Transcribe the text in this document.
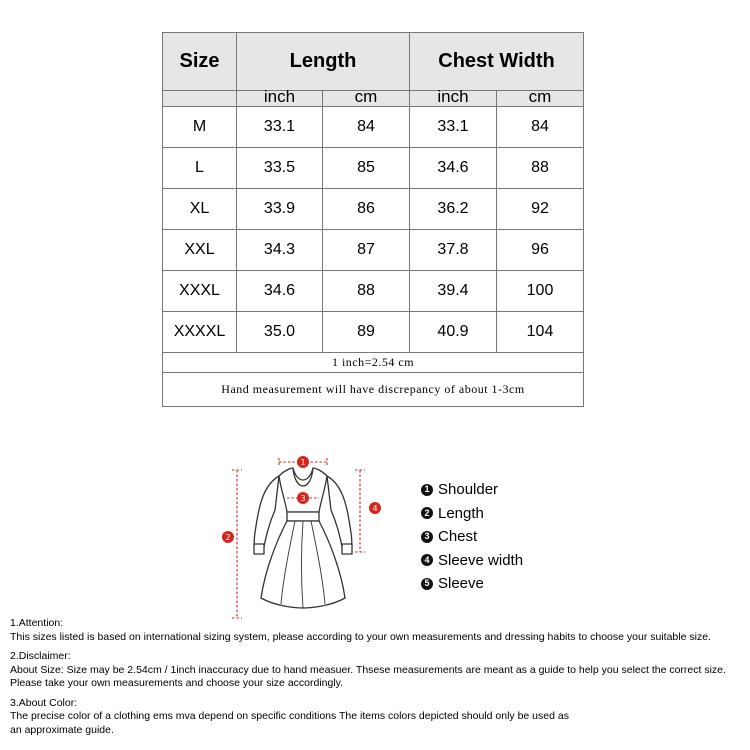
Size	Length		Chest Width	
	inch	cm	inch	cm
M	33.1	84	33.1	84
L	33.5	85	34.6	88
XL	33.9	86	36.2	92
XXL	34.3	87	37.8	96
XXXL	34.6	88	39.4	100
XXXXL	35.0	89	40.9	104
1 inch=2.54 cm				
Hand measurement will have discrepancy of about 1-3cm				
1
2
3
4
1 Shoulder
2 Length
3 Chest
4 Sleeve width
5 Sleeve

1.Attention:

This sizes listed is based on international sizing system, please according to your own measurements and dressing habits to choose your suitable size.

2.Disclaimer:

About Size: Size may be 2.54cm / 1inch inaccuracy due to hand measuer. Thsese measurements are meant as a guide to help you select the correct size.

Please take your own measurements and choose your size accordingly.

3.About Color:

The precise color of a clothing ems mva depend on specific conditions The items colors depicted should only be used as

an approximate guide.
